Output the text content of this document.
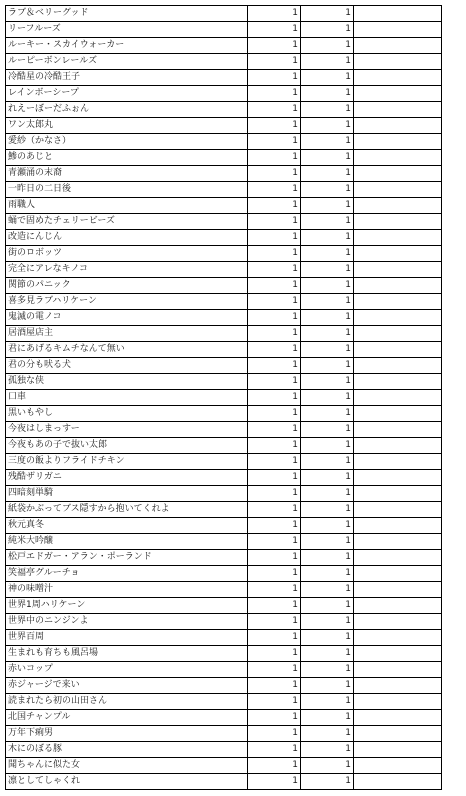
ラブ＆ベリーグッド	1	1	
リーフルーズ	1	1	
ルーキー・スカイウォーカー	1	1	
ルーピーボンレールズ	1	1	
冷酷星の冷酷王子	1	1	
レインボーシープ	1	1	
れえーぼーだふぉん	1	1	
ワン太郎丸	1	1	
愛紗（かなさ）	1	1	
鯵のあじと	1	1	
青瀬涌の末裔	1	1	
一昨日の二日後	1	1	
雨職人	1	1	
蛹で固めたチェリービーズ	1	1	
改造にんじん	1	1	
街のロボッツ	1	1	
完全にアレなキノコ	1	1	
関節のパニック	1	1	
喜多見ラブハリケーン	1	1	
鬼滅の電ノコ	1	1	
居酒屋店主	1	1	
君にあげるキムチなんて無い	1	1	
君の分も吠る犬	1	1	
孤独な侠	1	1	
口車	1	1	
黒いもやし	1	1	
今夜はしまっすー	1	1	
今夜もあの子で抜い太郎	1	1	
三度の飯よりフライドチキン	1	1	
残酷ザリガニ	1	1	
四暗刻単騎	1	1	
紙袋かぶってブス隠すから抱いてくれよ	1	1	
秋元真冬	1	1	
純米大吟醸	1	1	
松戸エドガー・アラン・ポーランド	1	1	
笑福亭グルーチョ	1	1	
神の味噌汁	1	1	
世界1周ハリケーン	1	1	
世界中のニンジンよ	1	1	
世界百周	1	1	
生まれも育ちも風呂場	1	1	
赤いコップ	1	1	
赤ジャージで来い	1	1	
読まれたら初の山田さん	1	1	
北国チャンプル	1	1	
万年下痢男	1	1	
木にのぼる豚	1	1	
聞ちゃんに似た女	1	1	
凛としてしゃくれ	1	1	
